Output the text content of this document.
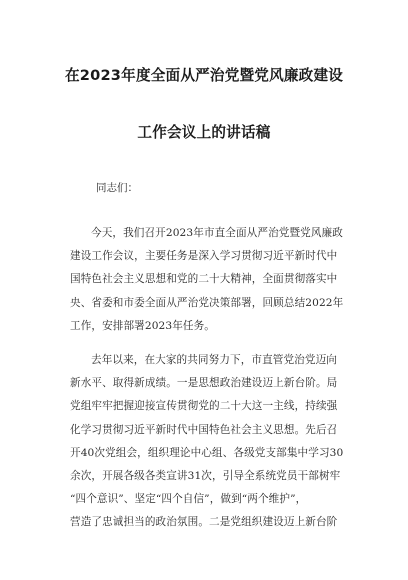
在2023年度全面从严治党暨党风廉政建设
工作会议上的讲话稿
同志们：
今天，我们召开2023年市直全面从严治党暨党风廉政
建设工作会议，主要任务是深入学习贯彻习近平新时代中
国特色社会主义思想和党的二十大精神，全面贯彻落实中
央、省委和市委全面从严治党决策部署，回顾总结2022年
工作，安排部署2023年任务。
去年以来，在大家的共同努力下，市直管党治党迈向
新水平、取得新成绩。一是思想政治建设迈上新台阶。局
党组牢牢把握迎接宣传贯彻党的二十大这一主线，持续强
化学习贯彻习近平新时代中国特色社会主义思想。先后召
开40次党组会，组织理论中心组、各级党支部集中学习30
余次，开展各级各类宣讲31次，引导全系统党员干部树牢
“四个意识”、坚定“四个自信”，做到“两个维护”，
营造了忠诚担当的政治氛围。二是党组织建设迈上新台阶
